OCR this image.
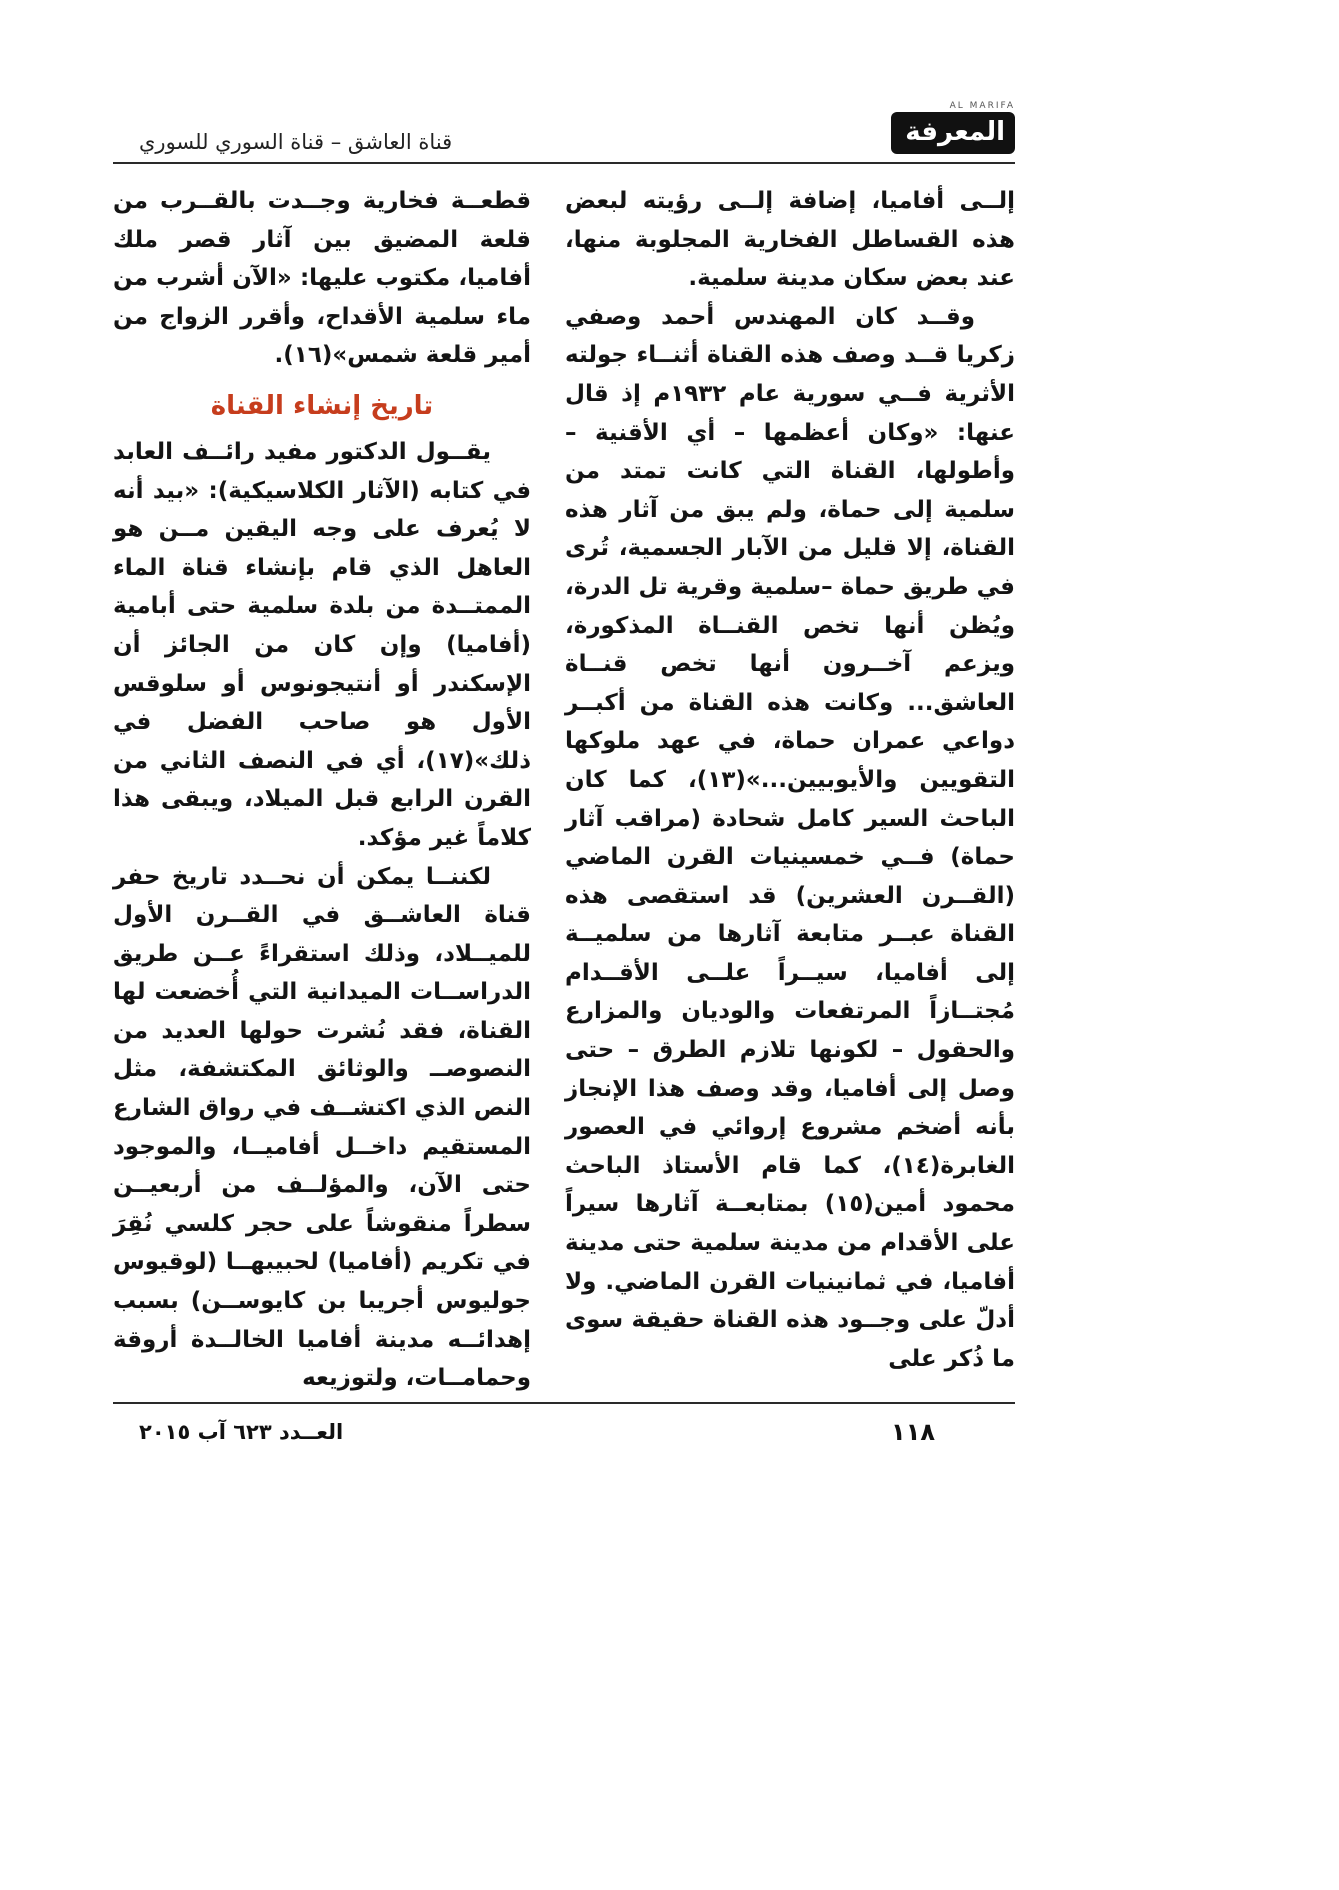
قناة العاشق – قناة السوري للسوري
AL MARIFA
المعرفة

إلــى أفاميا، إضافة إلــى رؤيته لبعض هذه القساطل الفخارية المجلوبة منها، عند بعض سكان مدينة سلمية.

وقــد كان المهندس أحمد وصفي زكريا قــد وصف هذه القناة أثنــاء جولته الأثرية فــي سورية عام ١٩٣٢م إذ قال عنها: «وكان أعظمها – أي الأقنية – وأطولها، القناة التي كانت تمتد من سلمية إلى حماة، ولم يبق من آثار هذه القناة، إلا قليل من الآبار الجسمية، تُرى في طريق حماة –سلمية وقرية تل الدرة، ويُظن أنها تخص القنــاة المذكورة، ويزعم آخــرون أنها تخص قنــاة العاشق... وكانت هذه القناة من أكبــر دواعي عمران حماة، في عهد ملوكها التقويين والأيوبيين...»(١٣)، كما كان الباحث السير كامل شحادة (مراقب آثار حماة) فــي خمسينيات القرن الماضي (القــرن العشرين) قد استقصى هذه القناة عبــر متابعة آثارها من سلميــة إلى أفاميا، سيــراً علــى الأقــدام مُجتــازاً المرتفعات والوديان والمزارع والحقول – لكونها تلازم الطرق – حتى وصل إلى أفاميا، وقد وصف هذا الإنجاز بأنه أضخم مشروع إروائي في العصور الغابرة(١٤)، كما قام الأستاذ الباحث محمود أمين(١٥) بمتابعــة آثارها سيراً على الأقدام من مدينة سلمية حتى مدينة أفاميا، في ثمانينيات القرن الماضي. ولا أدلّ على وجــود هذه القناة حقيقة سوى ما ذُكر على

قطعــة فخارية وجــدت بالقــرب من قلعة المضيق بين آثار قصر ملك أفاميا، مكتوب عليها: «الآن أشرب من ماء سلمية الأقداح، وأقرر الزواج من أمير قلعة شمس»(١٦).

تاريخ إنشاء القناة

يقــول الدكتور مفيد رائــف العابد في كتابه (الآثار الكلاسيكية): «بيد أنه لا يُعرف على وجه اليقين مــن هو العاهل الذي قام بإنشاء قناة الماء الممتــدة من بلدة سلمية حتى أبامية (أفاميا) وإن كان من الجائز أن الإسكندر أو أنتيجونوس أو سلوقس الأول هو صاحب الفضل في ذلك»(١٧)، أي في النصف الثاني من القرن الرابع قبل الميلاد، ويبقى هذا كلاماً غير مؤكد.

لكننــا يمكن أن نحــدد تاريخ حفر قناة العاشــق في القــرن الأول للميــلاد، وذلك استقراءً عــن طريق الدراســات الميدانية التي أُخضعت لها القناة، فقد نُشرت حولها العديد من النصوصــ والوثائق المكتشفة، مثل النص الذي اكتشــف في رواق الشارع المستقيم داخــل أفاميــا، والموجود حتى الآن، والمؤلــف من أربعيــن سطراً منقوشاً على حجر كلسي نُقِرَ في تكريم (أفاميا) لحبيبهــا (لوقيوس جوليوس أجريبا بن كايوســن) بسبب إهدائــه مدينة أفاميا الخالــدة أروقة وحمامــات، ولتوزيعه

العــدد ٦٢٣ آب ٢٠١٥	١١٨
